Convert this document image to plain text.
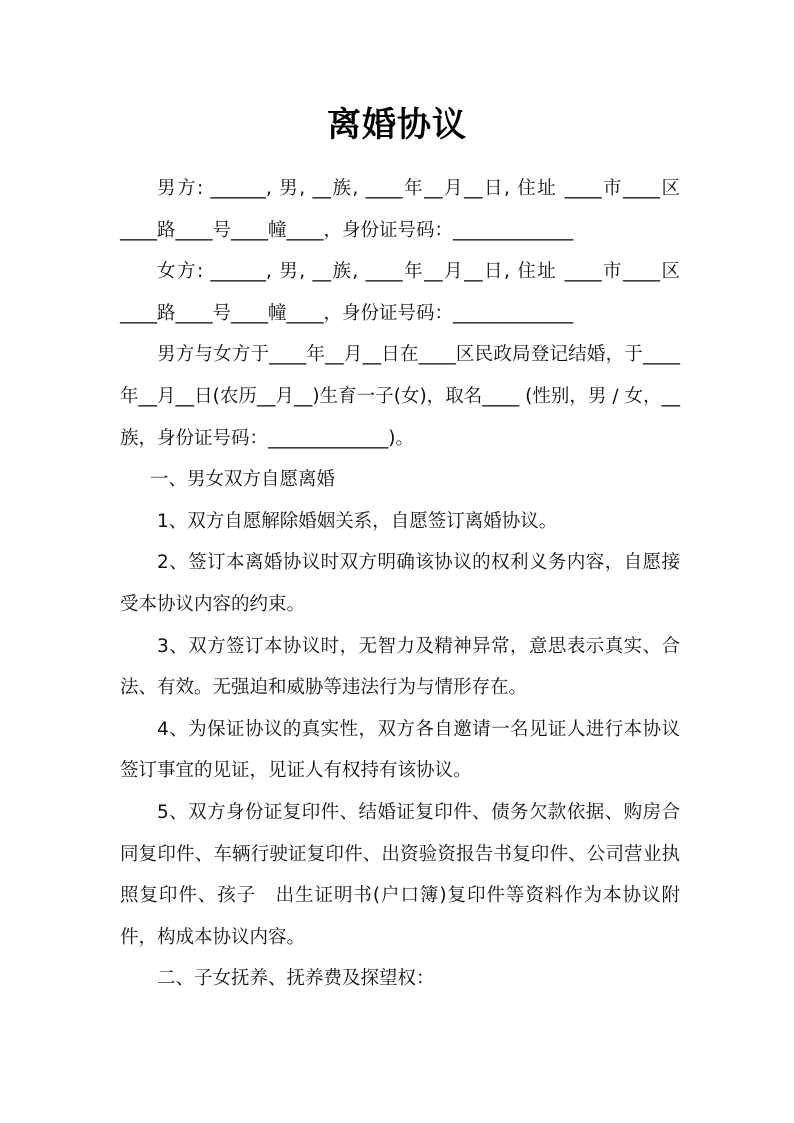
离婚协议

男方: ______, 男, __族, ____年__月__日, 住址 ____市____区____路____号____幢____，身份证号码：_____________

女方: ______, 男, __族, ____年__月__日, 住址 ____市____区____路____号____幢____，身份证号码：_____________

男方与女方于____年__月__日在____区民政局登记结婚，于____年__月__日(农历__月__)生育一子(女)，取名____ (性别，男 / 女，__族，身份证号码：_____________)。

一、男女双方自愿离婚

1、双方自愿解除婚姻关系，自愿签订离婚协议。

2、签订本离婚协议时双方明确该协议的权利义务内容，自愿接受本协议内容的约束。

3、双方签订本协议时，无智力及精神异常，意思表示真实、合法、有效。无强迫和威胁等违法行为与情形存在。

4、为保证协议的真实性，双方各自邀请一名见证人进行本协议签订事宜的见证，见证人有权持有该协议。

5、双方身份证复印件、结婚证复印件、债务欠款依据、购房合同复印件、车辆行驶证复印件、出资验资报告书复印件、公司营业执照复印件、孩子　出生证明书(户口簿)复印件等资料作为本协议附件，构成本协议内容。

二、子女抚养、抚养费及探望权：
